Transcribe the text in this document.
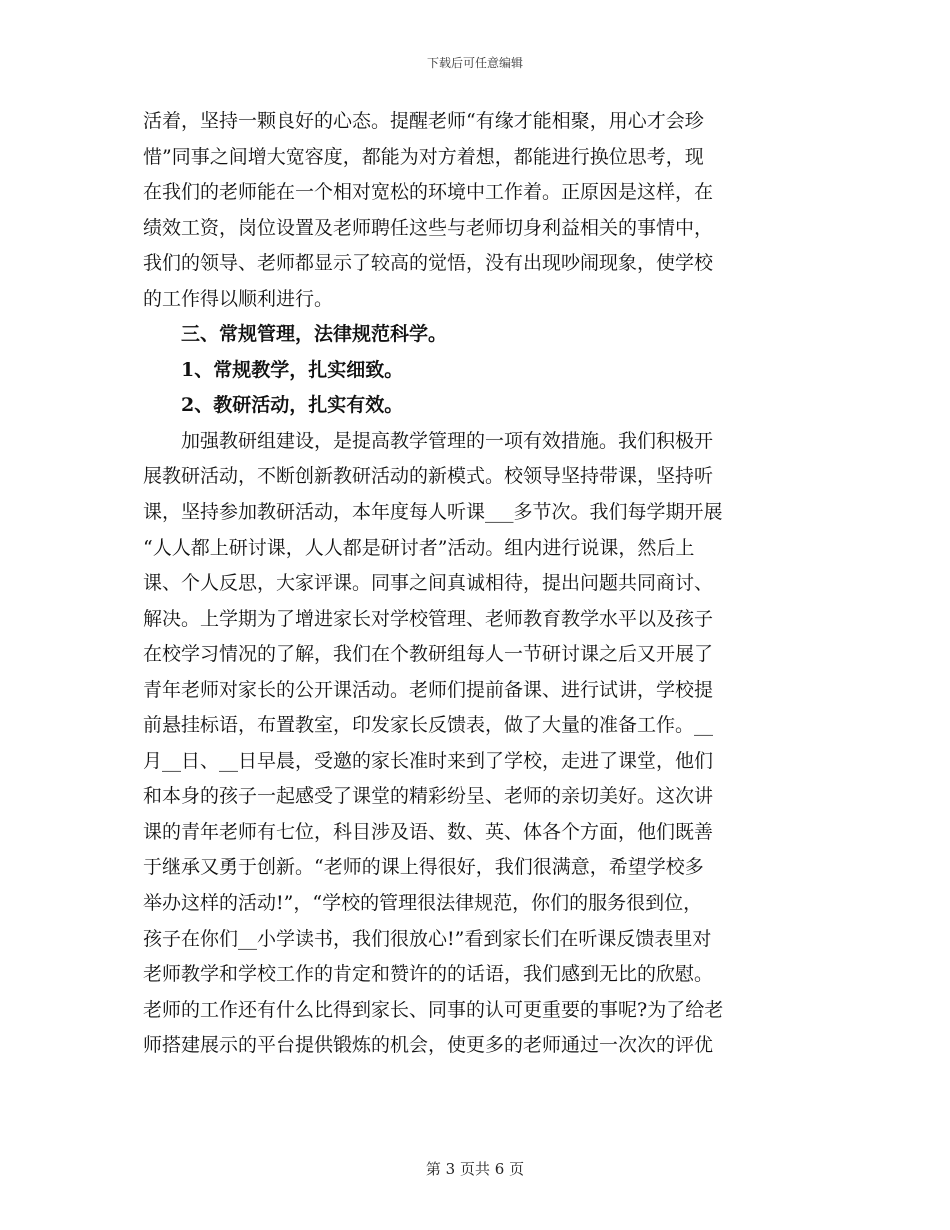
下载后可任意编辑
活着，坚持一颗良好的心态。提醒老师“有缘才能相聚，用心才会珍
惜”同事之间增大宽容度，都能为对方着想，都能进行换位思考，现
在我们的老师能在一个相对宽松的环境中工作着。正原因是这样，在
绩效工资，岗位设置及老师聘任这些与老师切身利益相关的事情中，
我们的领导、老师都显示了较高的觉悟，没有出现吵闹现象，使学校
的工作得以顺利进行。
　　三、常规管理，法律规范科学。
　　1、常规教学，扎实细致。
　　2、教研活动，扎实有效。
　　加强教研组建设，是提高教学管理的一项有效措施。我们积极开
展教研活动，不断创新教研活动的新模式。校领导坚持带课，坚持听
课，坚持参加教研活动，本年度每人听课___多节次。我们每学期开展
“人人都上研讨课，人人都是研讨者”活动。组内进行说课，然后上
课、个人反思，大家评课。同事之间真诚相待，提出问题共同商讨、
解决。上学期为了增进家长对学校管理、老师教育教学水平以及孩子
在校学习情况的了解，我们在个教研组每人一节研讨课之后又开展了
青年老师对家长的公开课活动。老师们提前备课、进行试讲，学校提
前悬挂标语，布置教室，印发家长反馈表，做了大量的准备工作。__
月__日、__日早晨，受邀的家长准时来到了学校，走进了课堂，他们
和本身的孩子一起感受了课堂的精彩纷呈、老师的亲切美好。这次讲
课的青年老师有七位，科目涉及语、数、英、体各个方面，他们既善
于继承又勇于创新。“老师的课上得很好，我们很满意，希望学校多
举办这样的活动!”，“学校的管理很法律规范，你们的服务很到位，
孩子在你们__小学读书，我们很放心!”看到家长们在听课反馈表里对
老师教学和学校工作的肯定和赞许的的话语，我们感到无比的欣慰。
老师的工作还有什么比得到家长、同事的认可更重要的事呢?为了给老
师搭建展示的平台提供锻炼的机会，使更多的老师通过一次次的评优
第 3 页共 6 页
